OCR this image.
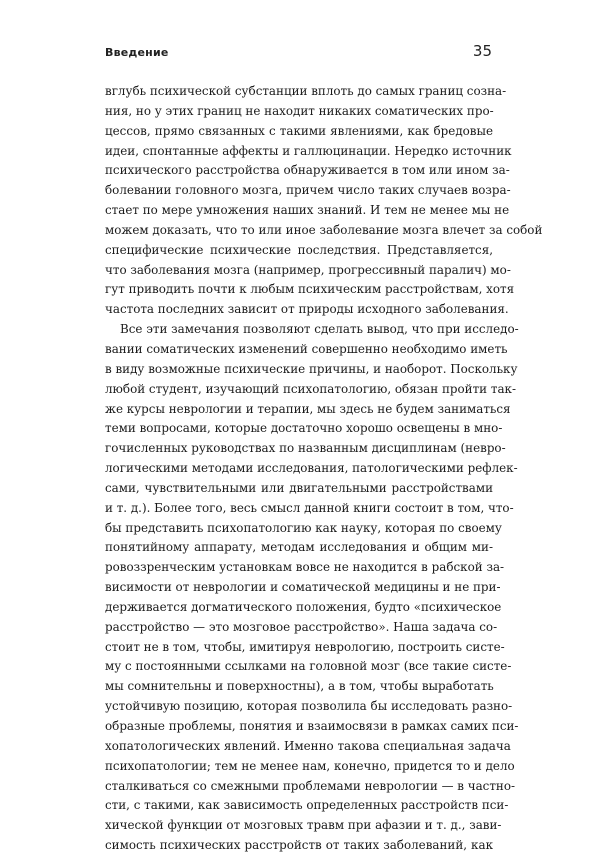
Введение	35

вглубь психической субстанции вплоть до самых границ созна-
ния, но у этих границ не находит никаких соматических про-
цессов, прямо связанных с такими явлениями, как бредовые
идеи, спонтанные аффекты и галлюцинации. Нередко источник
психического расстройства обнаруживается в том или ином за-
болевании головного мозга, причем число таких случаев возра-
стает по мере умножения наших знаний. И тем не менее мы не
можем доказать, что то или иное заболевание мозга влечет за собой
специфические психические последствия. Представляется,
что заболевания мозга (например, прогрессивный паралич) мо-
гут приводить почти к любым психическим расстройствам, хотя
частота последних зависит от природы исходного заболевания.

Все эти замечания позволяют сделать вывод, что при исследо-
вании соматических изменений совершенно необходимо иметь
в виду возможные психические причины, и наоборот. Поскольку
любой студент, изучающий психопатологию, обязан пройти так-
же курсы неврологии и терапии, мы здесь не будем заниматься
теми вопросами, которые достаточно хорошо освещены в мно-
гочисленных руководствах по названным дисциплинам (невро-
логическими методами исследования, патологическими рефлек-
сами, чувствительными или двигательными расстройствами
и т. д.). Более того, весь смысл данной книги состоит в том, что-
бы представить психопатологию как науку, которая по своему
понятийному аппарату, методам исследования и общим ми-
ровоззренческим установкам вовсе не находится в рабской за-
висимости от неврологии и соматической медицины и не при-
держивается догматического положения, будто «психическое
расстройство — это мозговое расстройство». Наша задача со-
стоит не в том, чтобы, имитируя неврологию, построить систе-
му с постоянными ссылками на головной мозг (все такие систе-
мы сомнительны и поверхностны), а в том, чтобы выработать
устойчивую позицию, которая позволила бы исследовать разно-
образные проблемы, понятия и взаимосвязи в рамках самих пси-
хопатологических явлений. Именно такова специальная задача
психопатологии; тем не менее нам, конечно, придется то и дело
сталкиваться со смежными проблемами неврологии — в частно-
сти, с такими, как зависимость определенных расстройств пси-
хической функции от мозговых травм при афазии и т. д., зави-
симость психических расстройств от таких заболеваний, как
